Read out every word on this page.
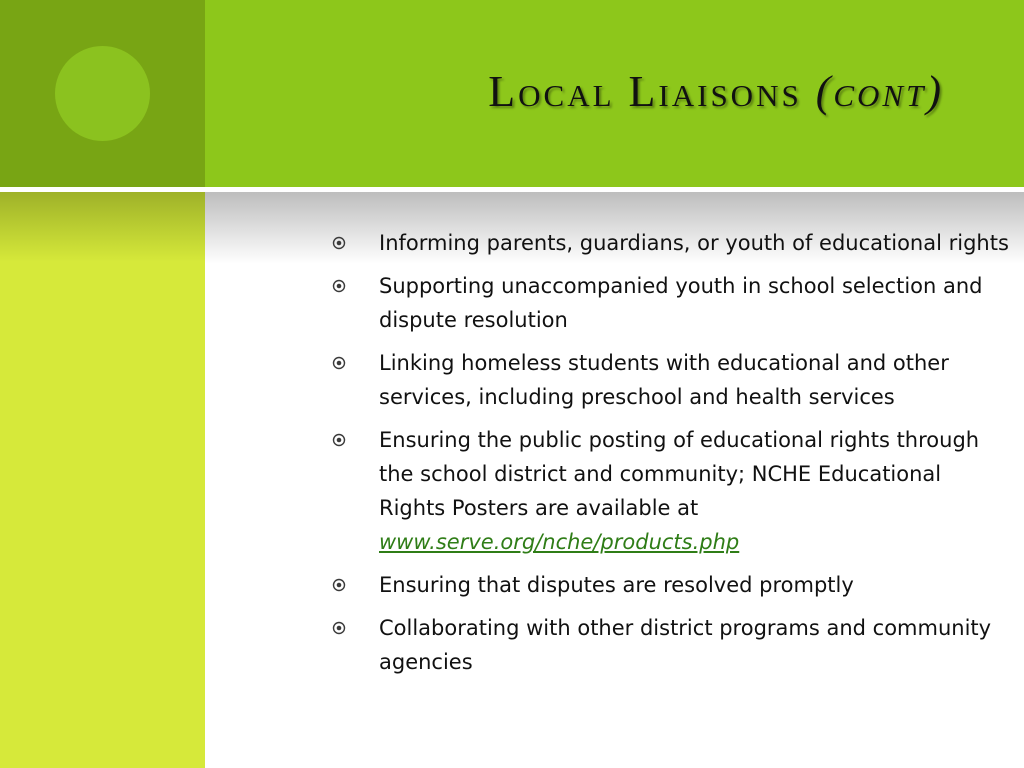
Local Liaisons (cont)
Informing parents, guardians, or youth of educational rights
Supporting unaccompanied youth in school selection and dispute resolution
Linking homeless students with educational and other services, including preschool and health services
Ensuring the public posting of educational rights through the school district and community; NCHE Educational Rights Posters are available at
www.serve.org/nche/products.php
Ensuring that disputes are resolved promptly
Collaborating with other district programs and community agencies
